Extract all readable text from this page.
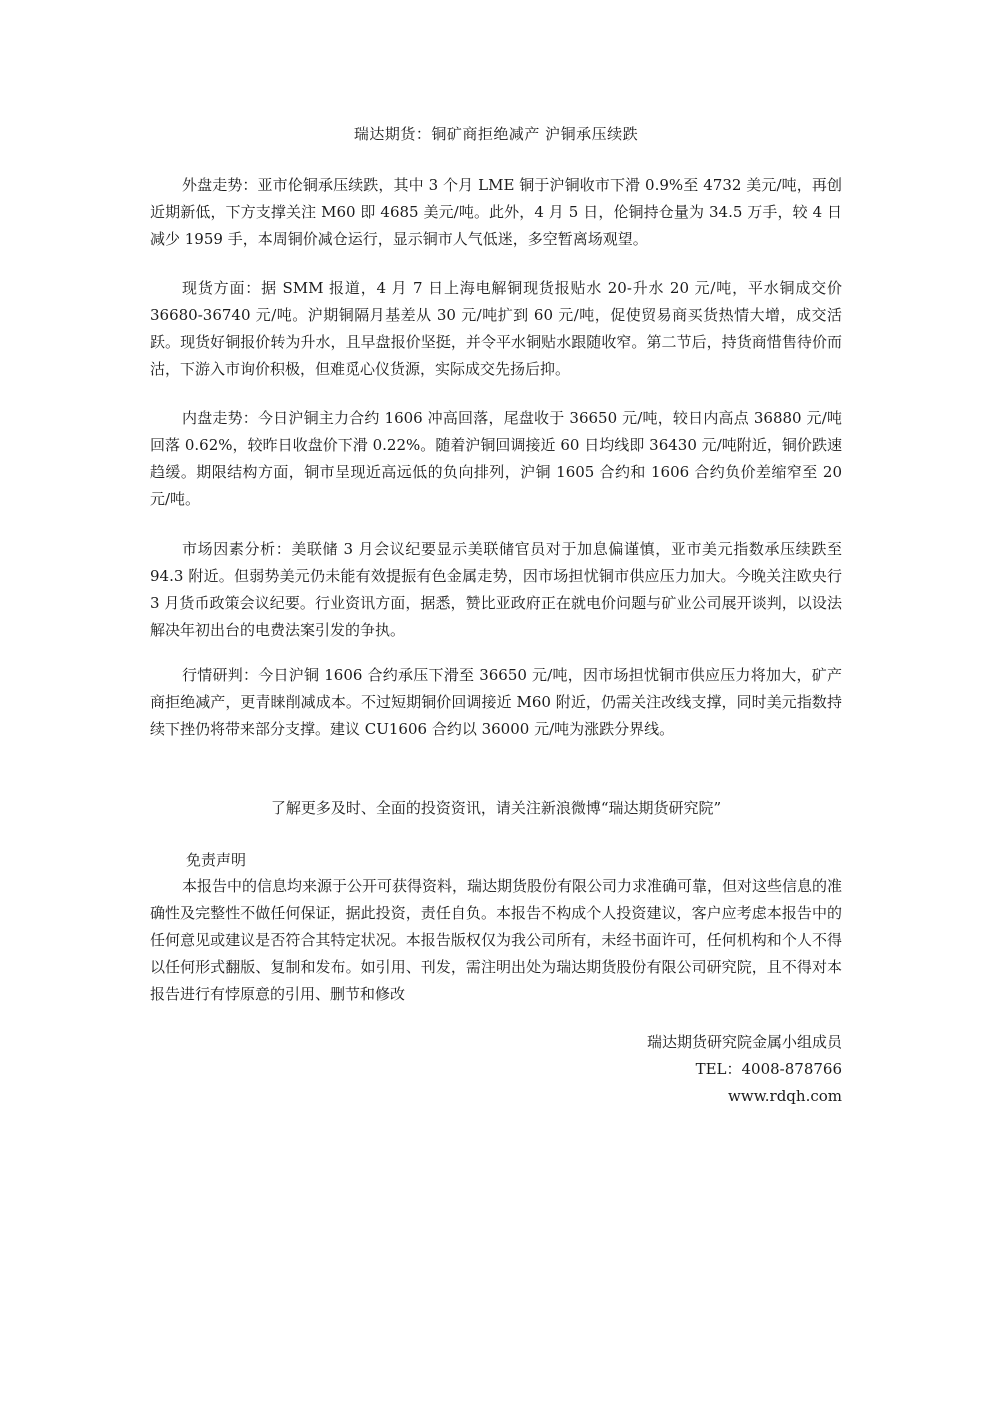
瑞达期货：铜矿商拒绝减产 沪铜承压续跌

外盘走势：亚市伦铜承压续跌，其中 3 个月 LME 铜于沪铜收市下滑 0.9%至 4732 美元/吨，再创近期新低，下方支撑关注 M60 即 4685 美元/吨。此外，4 月 5 日，伦铜持仓量为 34.5 万手，较 4 日减少 1959 手，本周铜价减仓运行，显示铜市人气低迷，多空暂离场观望。

现货方面：据 SMM 报道，4 月 7 日上海电解铜现货报贴水 20-升水 20 元/吨，平水铜成交价 36680-36740 元/吨。沪期铜隔月基差从 30 元/吨扩到 60 元/吨，促使贸易商买货热情大增，成交活跃。现货好铜报价转为升水，且早盘报价坚挺，并令平水铜贴水跟随收窄。第二节后，持货商惜售待价而沽，下游入市询价积极，但难觅心仪货源，实际成交先扬后抑。

内盘走势：今日沪铜主力合约 1606 冲高回落，尾盘收于 36650 元/吨，较日内高点 36880 元/吨回落 0.62%，较昨日收盘价下滑 0.22%。随着沪铜回调接近 60 日均线即 36430 元/吨附近，铜价跌速趋缓。期限结构方面，铜市呈现近高远低的负向排列，沪铜 1605 合约和 1606 合约负价差缩窄至 20 元/吨。

市场因素分析：美联储 3 月会议纪要显示美联储官员对于加息偏谨慎，亚市美元指数承压续跌至 94.3 附近。但弱势美元仍未能有效提振有色金属走势，因市场担忧铜市供应压力加大。今晚关注欧央行 3 月货币政策会议纪要。行业资讯方面，据悉，赞比亚政府正在就电价问题与矿业公司展开谈判，以设法解决年初出台的电费法案引发的争执。

行情研判：今日沪铜 1606 合约承压下滑至 36650 元/吨，因市场担忧铜市供应压力将加大，矿产商拒绝减产，更青睐削减成本。不过短期铜价回调接近 M60 附近，仍需关注改线支撑，同时美元指数持续下挫仍将带来部分支撑。建议 CU1606 合约以 36000 元/吨为涨跌分界线。

了解更多及时、全面的投资资讯，请关注新浪微博“瑞达期货研究院”
免责声明

本报告中的信息均来源于公开可获得资料，瑞达期货股份有限公司力求准确可靠，但对这些信息的准确性及完整性不做任何保证，据此投资，责任自负。本报告不构成个人投资建议，客户应考虑本报告中的任何意见或建议是否符合其特定状况。本报告版权仅为我公司所有，未经书面许可，任何机构和个人不得以任何形式翻版、复制和发布。如引用、刊发，需注明出处为瑞达期货股份有限公司研究院，且不得对本报告进行有悖原意的引用、删节和修改

瑞达期货研究院金属小组成员
TEL：4008-878766
www.rdqh.com
